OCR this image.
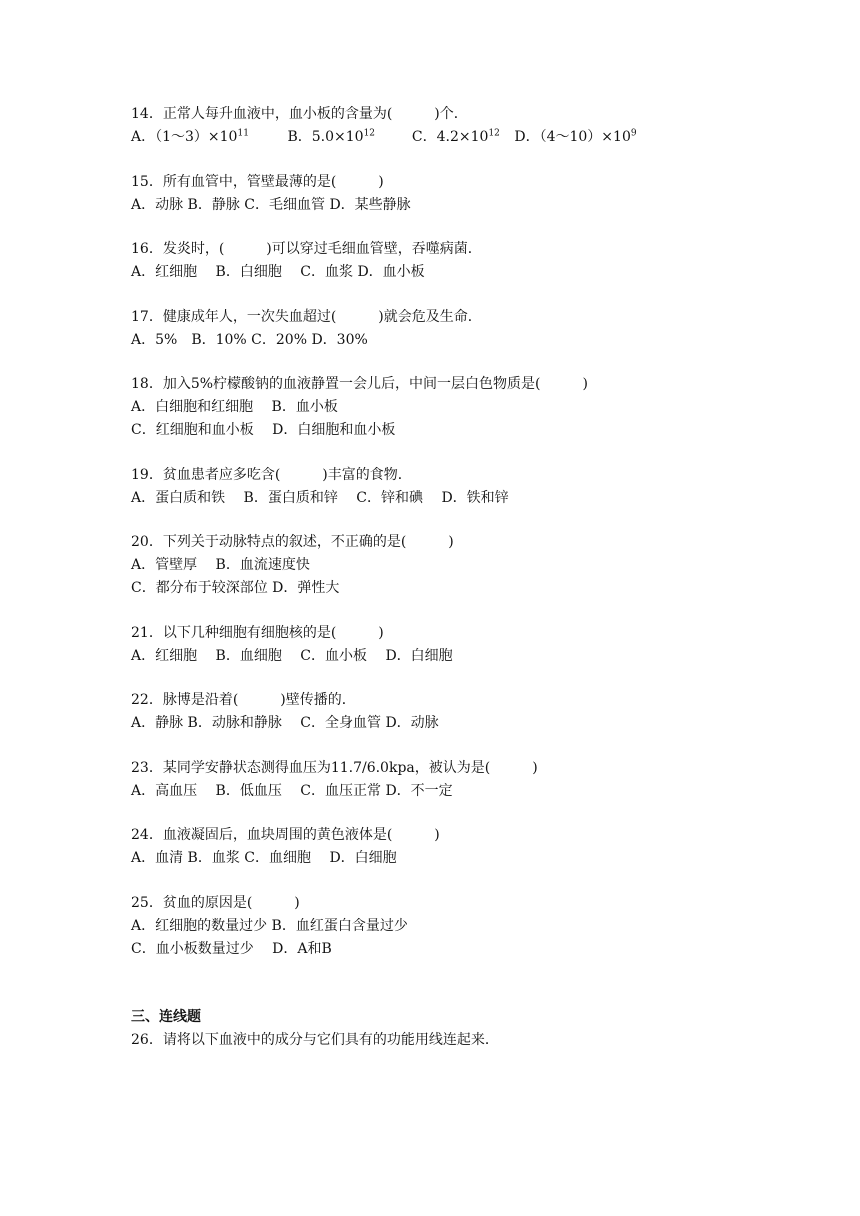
14．正常人每升血液中，血小板的含量为(　　　)个．
A．$(1\sim 3)\times 10^{11}$	B．$5.0\times 10^{12}$	C．$4.2\times 10^{12}$ D．$(4\sim 10)\times 10^9$
15．所有血管中，管壁最薄的是(　　　)
A．动脉 B．静脉 C．毛细血管 D．某些静脉
16．发炎时，(　　　)可以穿过毛细血管壁，吞噬病菌．
A．红细胞　 B．白细胞　 C．血浆 D．血小板
17．健康成年人，一次失血超过(　　　)就会危及生命．
A．5%　B．10% C．20% D．30%
18．加入5%柠檬酸钠的血液静置一会儿后，中间一层白色物质是(　　　)
A．白细胞和红细胞　 B．血小板
C．红细胞和血小板　 D．白细胞和血小板
19．贫血患者应多吃含(　　　)丰富的食物．
A．蛋白质和铁　 B．蛋白质和锌　 C．锌和碘　 D．铁和锌
20．下列关于动脉特点的叙述，不正确的是(　　　)
A．管壁厚　 B．血流速度快
C．都分布于较深部位 D．弹性大
21．以下几种细胞有细胞核的是(　　　)
A．红细胞　 B．血细胞　 C．血小板　 D．白细胞
22．脉博是沿着(　　　)壁传播的．
A．静脉 B．动脉和静脉　 C．全身血管 D．动脉
23．某同学安静状态测得血压为11.7/6.0kpa，被认为是(　　　)
A．高血压　 B．低血压　 C．血压正常 D．不一定
24．血液凝固后，血块周围的黄色液体是(　　　)
A．血清 B．血浆 C．血细胞　 D．白细胞
25．贫血的原因是(　　　)
A．红细胞的数量过少 B．血红蛋白含量过少
C．血小板数量过少　 D．A和B
三、连线题
26．请将以下血液中的成分与它们具有的功能用线连起来．
